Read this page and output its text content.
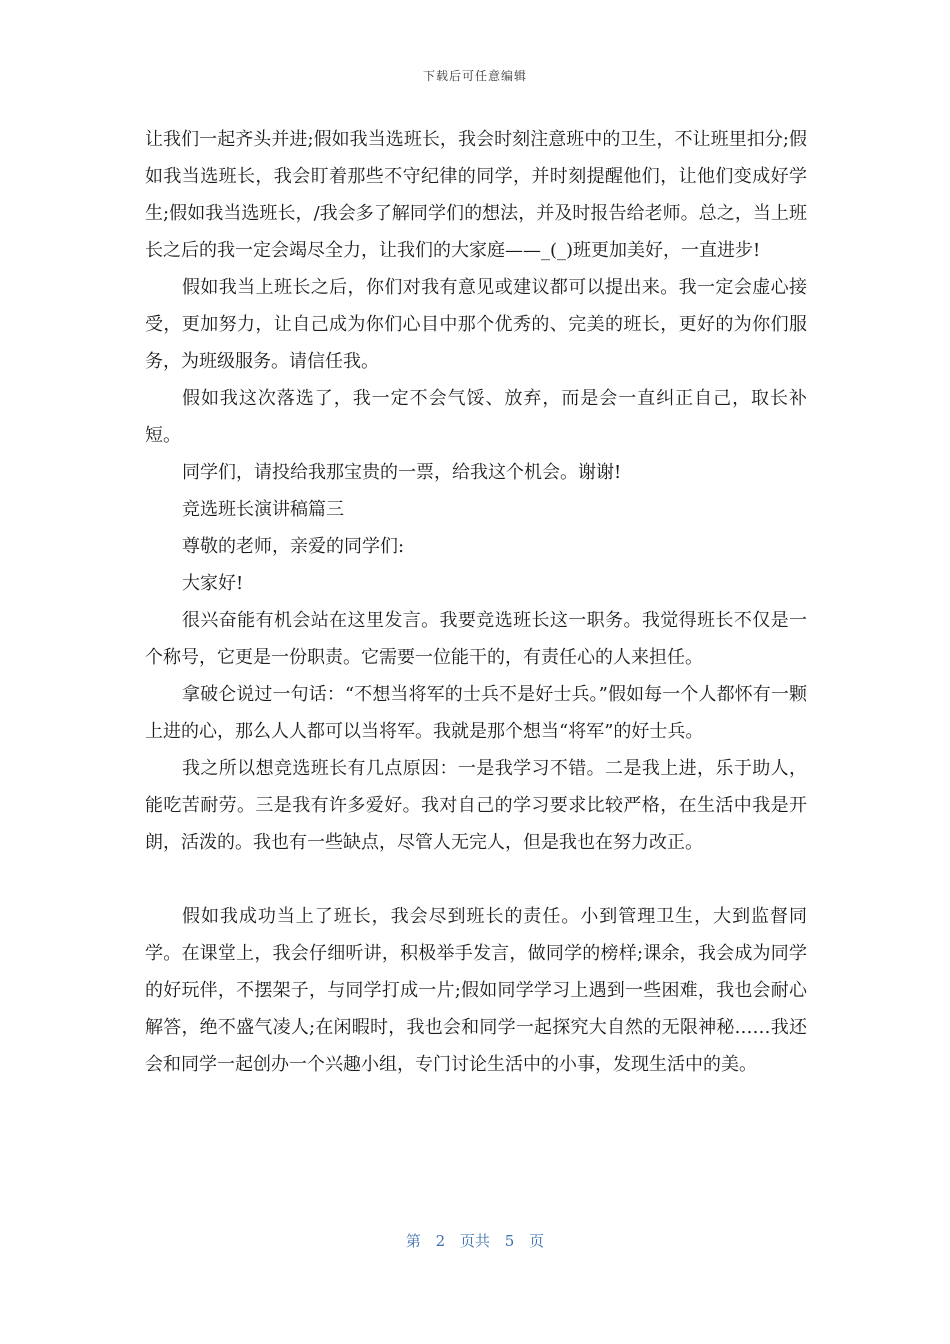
下载后可任意编辑

让我们一起齐头并进;假如我当选班长，我会时刻注意班中的卫生，不让班里扣分;假如我当选班长，我会盯着那些不守纪律的同学，并时刻提醒他们，让他们变成好学生;假如我当选班长，/我会多了解同学们的想法，并及时报告给老师。总之，当上班长之后的我一定会竭尽全力，让我们的大家庭——_(_)班更加美好，一直进步!

假如我当上班长之后，你们对我有意见或建议都可以提出来。我一定会虚心接受，更加努力，让自己成为你们心目中那个优秀的、完美的班长，更好的为你们服务，为班级服务。请信任我。

假如我这次落选了，我一定不会气馁、放弃，而是会一直纠正自己，取长补短。

同学们，请投给我那宝贵的一票，给我这个机会。谢谢!

竞选班长演讲稿篇三

尊敬的老师，亲爱的同学们:

大家好!

很兴奋能有机会站在这里发言。我要竞选班长这一职务。我觉得班长不仅是一个称号，它更是一份职责。它需要一位能干的，有责任心的人来担任。

拿破仑说过一句话：“不想当将军的士兵不是好士兵。”假如每一个人都怀有一颗上进的心，那么人人都可以当将军。我就是那个想当“将军”的好士兵。

我之所以想竞选班长有几点原因：一是我学习不错。二是我上进，乐于助人，能吃苦耐劳。三是我有许多爱好。我对自己的学习要求比较严格，在生活中我是开朗，活泼的。我也有一些缺点，尽管人无完人，但是我也在努力改正。

假如我成功当上了班长，我会尽到班长的责任。小到管理卫生，大到监督同学。在课堂上，我会仔细听讲，积极举手发言，做同学的榜样;课余，我会成为同学的好玩伴，不摆架子，与同学打成一片;假如同学学习上遇到一些困难，我也会耐心解答，绝不盛气凌人;在闲暇时，我也会和同学一起探究大自然的无限神秘……我还会和同学一起创办一个兴趣小组，专门讨论生活中的小事，发现生活中的美。

第 2 页共 5 页
